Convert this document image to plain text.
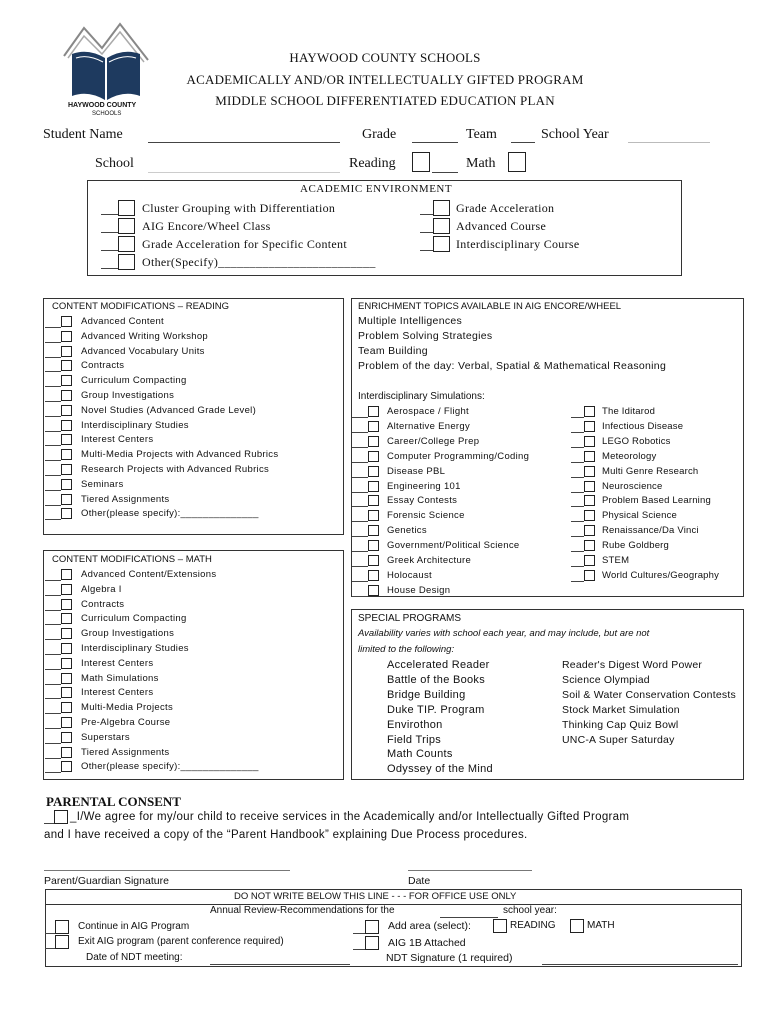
HAYWOOD COUNTY
SCHOOLS
HAYWOOD COUNTY SCHOOLS
ACADEMICALLY AND/OR INTELLECTUALLY GIFTED PROGRAM
MIDDLE SCHOOL DIFFERENTIATED EDUCATION PLAN
Student Name	Grade	Team	School Year
School	Reading	Math
ACADEMIC ENVIRONMENT
Cluster Grouping with Differentiation
AIG Encore/Wheel Class
Grade Acceleration for Specific Content
Other(Specify)_________________________
Grade Acceleration
Advanced Course
Interdisciplinary Course
CONTENT MODIFICATIONS – READING
Advanced Content
Advanced Writing Workshop
Advanced Vocabulary Units
Contracts
Curriculum Compacting
Group Investigations
Novel Studies (Advanced Grade Level)
Interdisciplinary Studies
Interest Centers
Multi-Media Projects with Advanced Rubrics
Research Projects with Advanced Rubrics
Seminars
Tiered Assignments
Other(please specify):______________
CONTENT MODIFICATIONS – MATH
Advanced Content/Extensions
Algebra I
Contracts
Curriculum Compacting
Group Investigations
Interdisciplinary Studies
Interest Centers
Math Simulations
Interest Centers
Multi-Media Projects
Pre-Algebra Course
Superstars
Tiered Assignments
Other(please specify):______________
ENRICHMENT TOPICS AVAILABLE IN AIG ENCORE/WHEEL
Multiple Intelligences
Problem Solving Strategies
Team Building
Problem of the day: Verbal, Spatial & Mathematical Reasoning
Interdisciplinary Simulations:
Aerospace / Flight
Alternative Energy
Career/College Prep
Computer Programming/Coding
Disease PBL
Engineering 101
Essay Contests
Forensic Science
Genetics
Government/Political Science
Greek Architecture
Holocaust
House Design
The Iditarod
Infectious Disease
LEGO Robotics
Meteorology
Multi Genre Research
Neuroscience
Problem Based Learning
Physical Science
Renaissance/Da Vinci
Rube Goldberg
STEM
World Cultures/Geography
SPECIAL PROGRAMS
Availability varies with school each year, and may include, but are not
limited to the following:
Accelerated Reader
Battle of the Books
Bridge Building
Duke TIP. Program
Envirothon
Field Trips
Math Counts
Odyssey of the Mind
Reader's Digest Word Power
Science Olympiad
Soil & Water Conservation Contests
Stock Market Simulation
Thinking Cap Quiz Bowl
UNC-A Super Saturday
PARENTAL CONSENT
_I/We agree for my/our child to receive services in the Academically and/or Intellectually Gifted Program
and I have received a copy of the “Parent Handbook” explaining Due Process procedures.
Parent/Guardian Signature	Date
DO NOT WRITE BELOW THIS LINE - - - FOR OFFICE USE ONLY
Annual Review-Recommendations for the	school year:
Continue in AIG Program
Exit AIG program (parent conference required)
Date of NDT meeting:
Add area (select):	READING	MATH
AIG 1B Attached
NDT Signature (1 required)
